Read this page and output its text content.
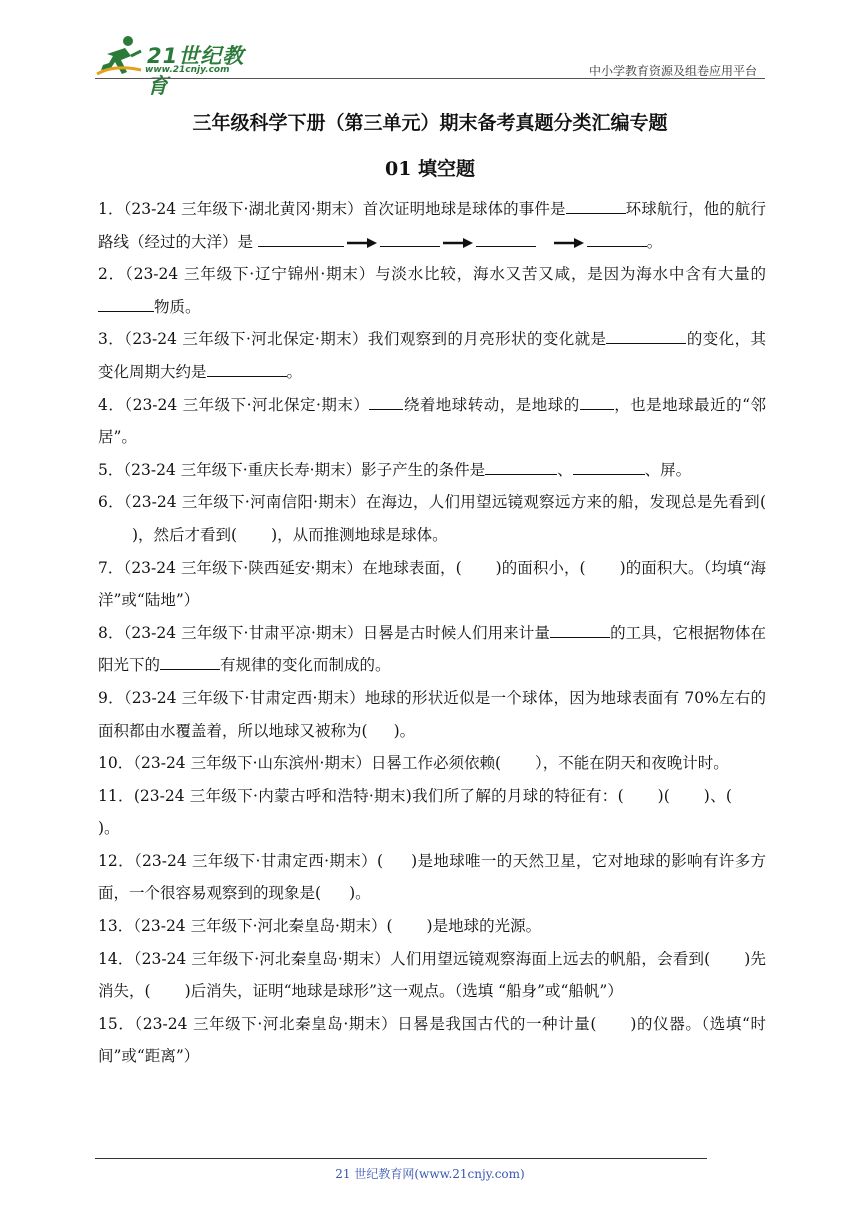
21世纪教育
www.21cnjy.com	中小学教育资源及组卷应用平台
三年级科学下册（第三单元）期末备考真题分类汇编专题
01 填空题
1．（23-24 三年级下·湖北黄冈·期末）首次证明地球是球体的事件是	环球航行，他的航行路线（经过的大洋）是	。
2．（23-24 三年级下·辽宁锦州·期末）与淡水比较，海水又苦又咸，是因为海水中含有大量的物质。
3．（23-24 三年级下·河北保定·期末）我们观察到的月亮形状的变化就是	的变化，其变化周期大约是	。
4．（23-24 三年级下·河北保定·期末） 绕着地球转动，是地球的 ，也是地球最近的“邻居”。
5．（23-24 三年级下·重庆长寿·期末）影子产生的条件是	、	、屏。
6．（23-24 三年级下·河南信阳·期末）在海边，人们用望远镜观察远方来的船，发现总是先看到()，然后才看到( )，从而推测地球是球体。
7．（23-24 三年级下·陕西延安·期末）在地球表面，( )的面积小，( )的面积大。（均填“海洋”或“陆地”）
8．（23-24 三年级下·甘肃平凉·期末）日晷是古时候人们用来计量	的工具，它根据物体在阳光下的	有规律的变化而制成的。
9．（23-24 三年级下·甘肃定西·期末）地球的形状近似是一个球体，因为地球表面有 70%左右的面积都由水覆盖着，所以地球又被称为( )。
10．（23-24 三年级下·山东滨州·期末）日晷工作必须依赖( ），不能在阴天和夜晚计时。
11．(23-24 三年级下·内蒙古呼和浩特·期末)我们所了解的月球的特征有：( )( )、()。
12．（23-24 三年级下·甘肃定西·期末）( )是地球唯一的天然卫星，它对地球的影响有许多方面，一个很容易观察到的现象是( )。
13．（23-24 三年级下·河北秦皇岛·期末）( )是地球的光源。
14．（23-24 三年级下·河北秦皇岛·期末）人们用望远镜观察海面上远去的帆船，会看到( )先消失，( )后消失，证明“地球是球形”这一观点。（选填 “船身”或“船帆”）
15．（23-24 三年级下·河北秦皇岛·期末）日晷是我国古代的一种计量( )的仪器。（选填“时间”或“距离”）
21 世纪教育网(www.21cnjy.com)
